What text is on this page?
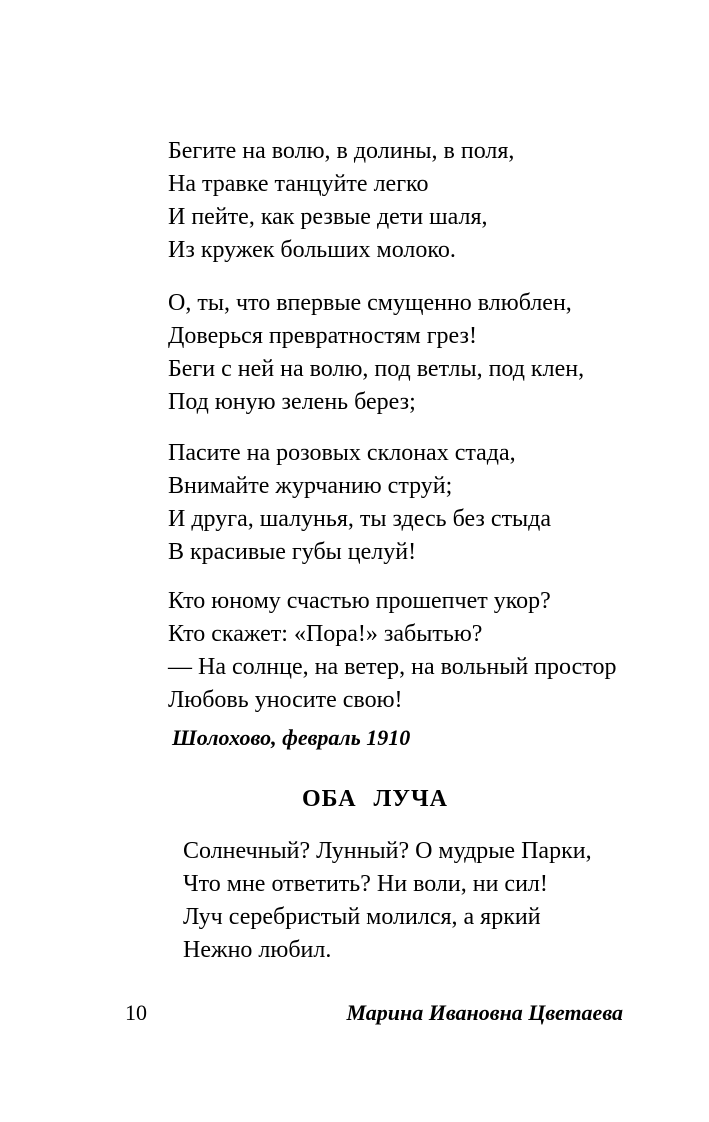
Бегите на волю, в долины, в поля,
На травке танцуйте легко
И пейте, как резвые дети шаля,
Из кружек больших молоко.
О, ты, что впервые смущенно влюблен,
Доверься превратностям грез!
Беги с ней на волю, под ветлы, под клен,
Под юную зелень берез;
Пасите на розовых склонах стада,
Внимайте журчанию струй;
И друга, шалунья, ты здесь без стыда
В красивые губы целуй!
Кто юному счастью прошепчет укор?
Кто скажет: «Пора!» забытью?
— На солнце, на ветер, на вольный простор
Любовь уносите свою!
Шолохово, февраль 1910
ОБА ЛУЧА
Солнечный? Лунный? О мудрые Парки,
Что мне ответить? Ни воли, ни сил!
Луч серебристый молился, а яркий
Нежно любил.
10	Марина Ивановна Цветаева
